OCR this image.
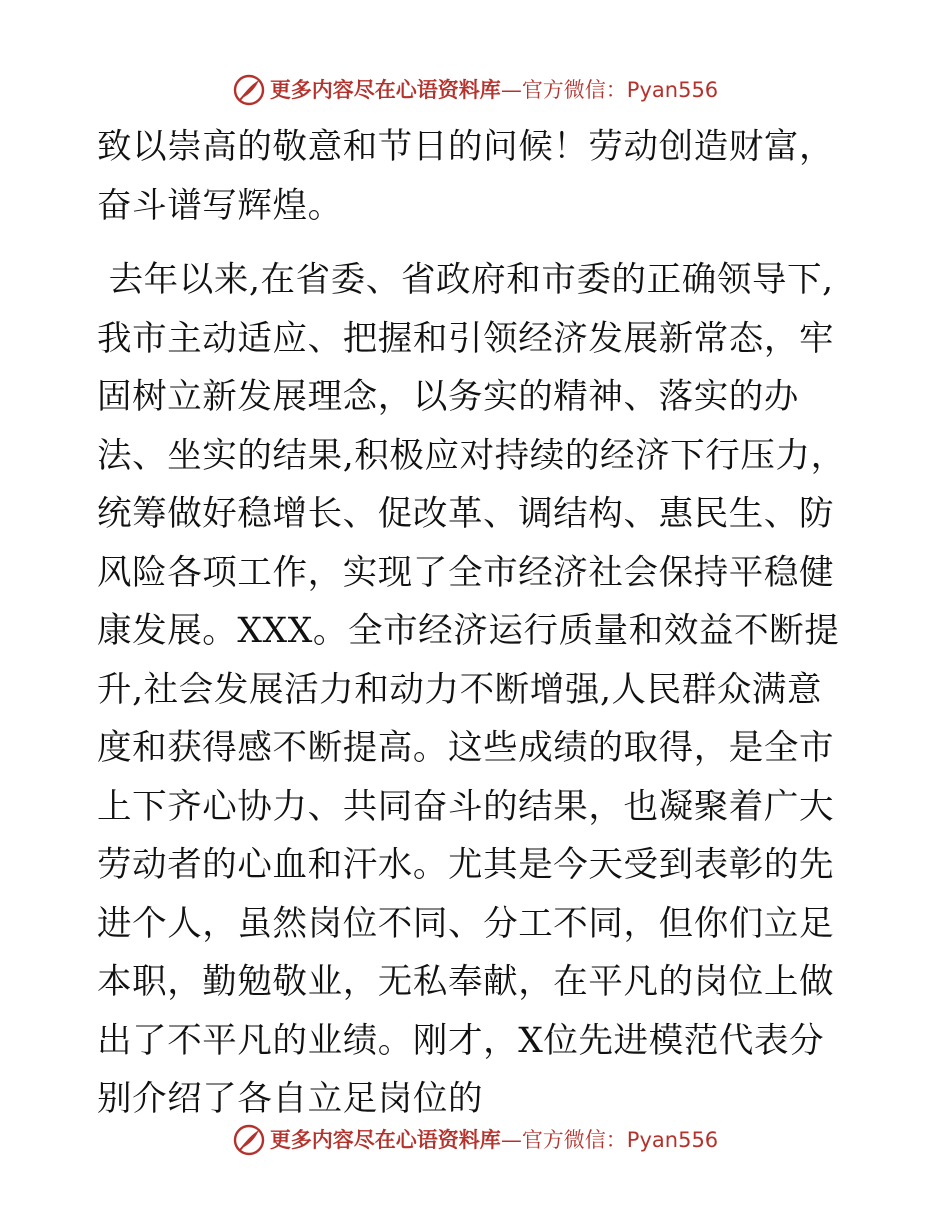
更多内容尽在心语资料库—官方微信：Pyan556

致以崇高的敬意和节日的问候！劳动创造财富，奋斗谱写辉煌。

去年以来,在省委、省政府和市委的正确领导下,我市主动适应、把握和引领经济发展新常态，牢固树立新发展理念，以务实的精神、落实的办法、坐实的结果,积极应对持续的经济下行压力，统筹做好稳增长、促改革、调结构、惠民生、防风险各项工作，实现了全市经济社会保持平稳健康发展。XXX。全市经济运行质量和效益不断提升,社会发展活力和动力不断增强,人民群众满意度和获得感不断提高。这些成绩的取得，是全市上下齐心协力、共同奋斗的结果，也凝聚着广大劳动者的心血和汗水。尤其是今天受到表彰的先进个人，虽然岗位不同、分工不同，但你们立足本职，勤勉敬业，无私奉献，在平凡的岗位上做出了不平凡的业绩。刚才，X位先进模范代表分别介绍了各自立足岗位的

更多内容尽在心语资料库—官方微信：Pyan556
